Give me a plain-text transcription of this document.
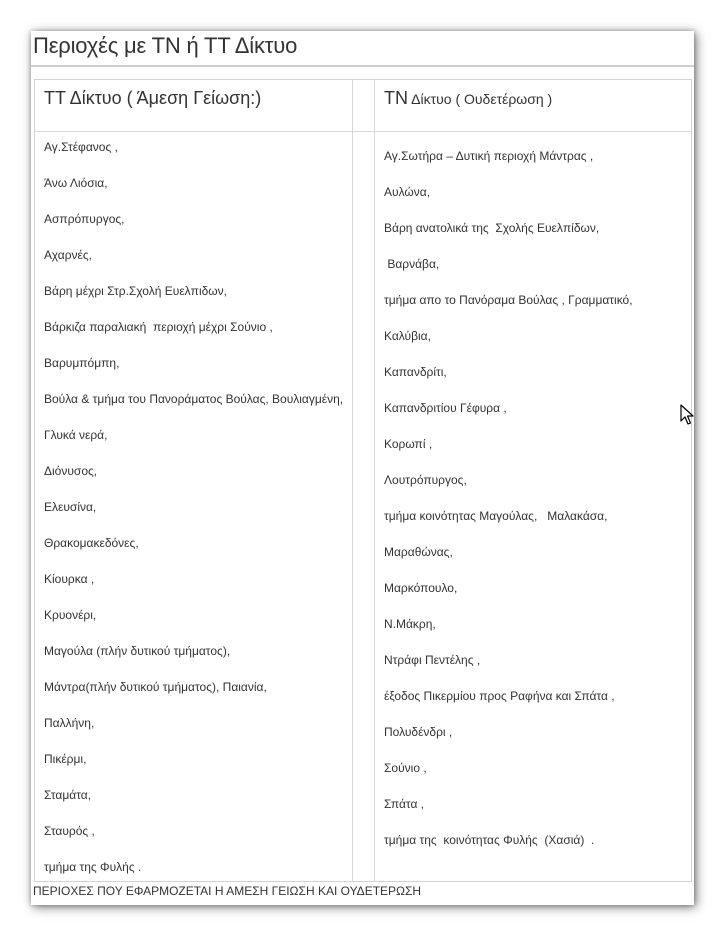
Περιοχές με ΤΝ ή ΤΤ Δίκτυο
ΤΤ Δίκτυο ( Άμεση Γείωση:)	ΤΝ Δίκτυο ( Ουδετέρωση )
Αγ.Στέφανος ,
Άνω Λιόσια,
Ασπρόπυργος,
Αχαρνές,
Βάρη μέχρι Στρ.Σχολή Ευελπιδων,
Βάρκιζα παραλιακή  περιοχή μέχρι Σούνιο ,
Βαρυμπόμπη,
Βούλα & τμήμα του Πανοράματος Βούλας, Βουλιαγμένη,
Γλυκά νερά,
Διόνυσος,
Ελευσίνα,
Θρακομακεδόνες,
Κίουρκα ,
Κρυονέρι,
Μαγούλα (πλήν δυτικού τμήματος),
Μάντρα(πλήν δυτικού τμήματος), Παιανία,
Παλλήνη,
Πικέρμι,
Σταμάτα,
Σταυρός ,
τμήμα της Φυλής .
Αγ.Σωτήρα – Δυτική περιοχή Μάντρας ,
Αυλώνα,
Βάρη ανατολικά της  Σχολής Ευελπίδων,
Βαρνάβα,
τμήμα απο το Πανόραμα Βούλας , Γραμματικό,
Καλύβια,
Καπανδρίτι,
Καπανδριτίου Γέφυρα ,
Κορωπί ,
Λουτρόπυργος,
τμήμα κοινότητας Μαγούλας,   Μαλακάσα,
Μαραθώνας,
Μαρκόπουλο,
Ν.Μάκρη,
Ντράφι Πεντέλης ,
έξοδος Πικερμίου προς Ραφήνα και Σπάτα ,
Πολυδένδρι ,
Σούνιο ,
Σπάτα ,
τμήμα της  κοινότητας Φυλής  (Χασιά)  .
ΠΕΡΙΟΧΕΣ ΠΟΥ ΕΦΑΡΜΟΖΕΤΑΙ Η ΑΜΕΣΗ ΓΕΙΩΣΗ ΚΑΙ ΟΥΔΕΤΕΡΩΣΗ
